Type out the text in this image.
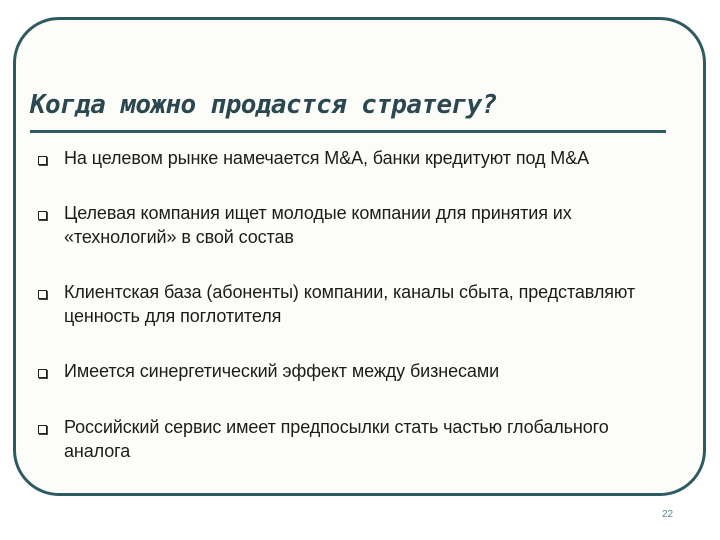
Когда можно продастся стратегу?
На целевом рынке намечается M&A, банки кредитуют под M&A
Целевая компания ищет молодые компании для принятия их «технологий» в свой состав
Клиентская база (абоненты) компании, каналы сбыта, представляют ценность для поглотителя
Имеется синергетический эффект между бизнесами
Российский сервис имеет предпосылки стать частью глобального аналога
22
